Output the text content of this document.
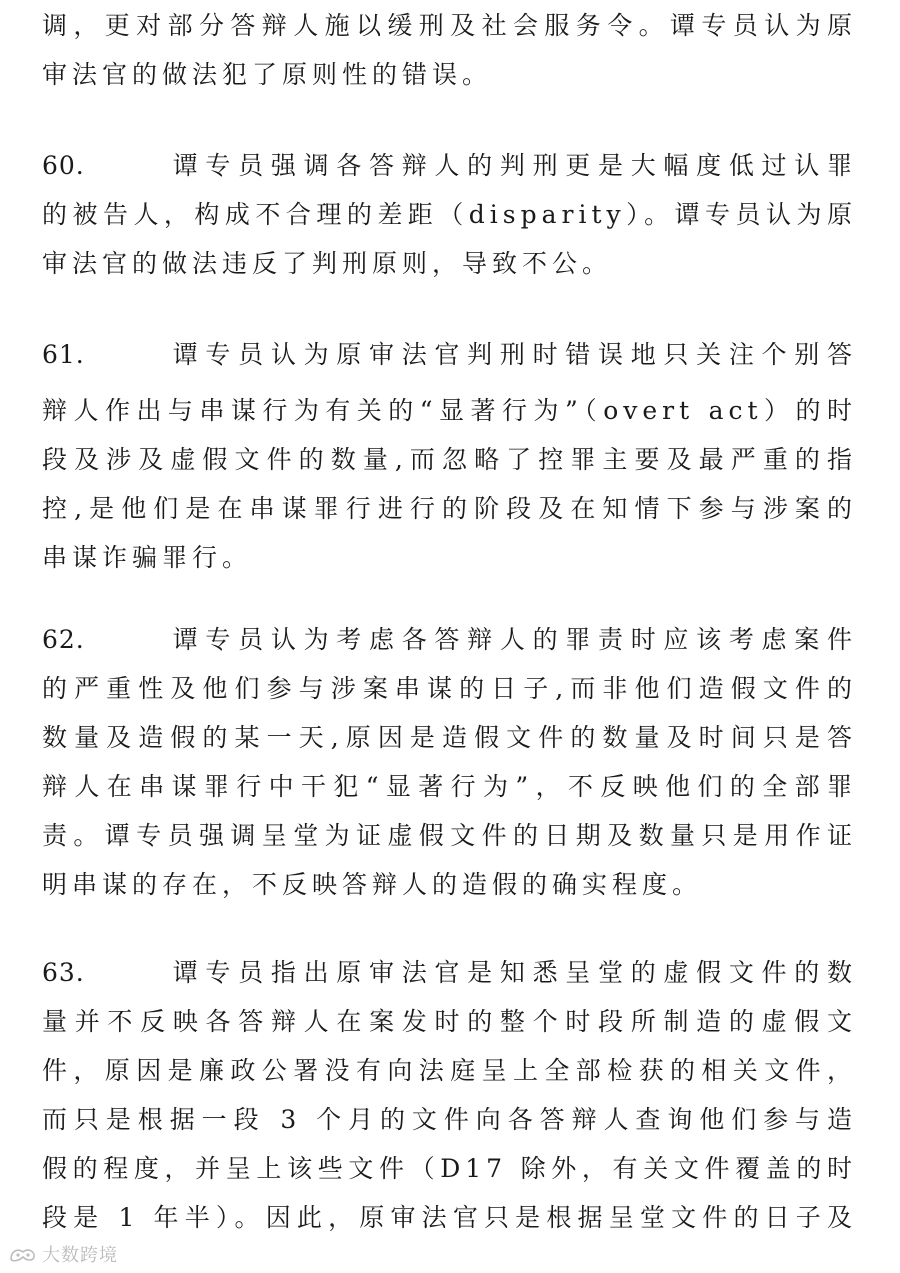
调，更对部分答辩人施以缓刑及社会服务令。谭专员认为原
审法官的做法犯了原则性的错误。
60.	谭专员强调各答辩人的判刑更是大幅度低过认罪
的被告人，构成不合理的差距（disparity）。谭专员认为原
审法官的做法违反了判刑原则，导致不公。
61.	谭专员认为原审法官判刑时错误地只关注个别答
辩人作出与串谋行为有关的“显著行为”（overt act）的时
段及涉及虚假文件的数量,而忽略了控罪主要及最严重的指
控,是他们是在串谋罪行进行的阶段及在知情下参与涉案的
串谋诈骗罪行。
62.	谭专员认为考虑各答辩人的罪责时应该考虑案件
的严重性及他们参与涉案串谋的日子,而非他们造假文件的
数量及造假的某一天,原因是造假文件的数量及时间只是答
辩人在串谋罪行中干犯“显著行为”，不反映他们的全部罪
责。谭专员强调呈堂为证虚假文件的日期及数量只是用作证
明串谋的存在，不反映答辩人的造假的确实程度。
63.	谭专员指出原审法官是知悉呈堂的虚假文件的数
量并不反映各答辩人在案发时的整个时段所制造的虚假文
件，原因是廉政公署没有向法庭呈上全部检获的相关文件，
而只是根据一段 3 个月的文件向各答辩人查询他们参与造
假的程度，并呈上该些文件（D17 除外，有关文件覆盖的时
段是 1 年半）。因此，原审法官只是根据呈堂文件的日子及
大数跨境
